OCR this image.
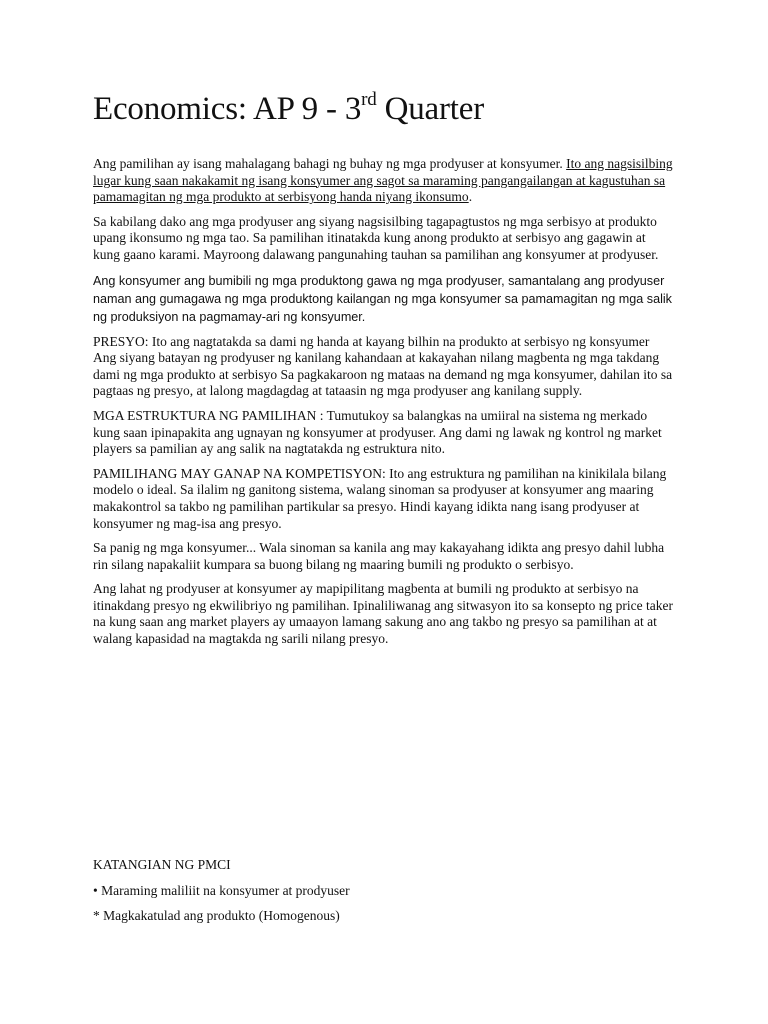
Economics: AP 9 - 3rd Quarter

Ang pamilihan ay isang mahalagang bahagi ng buhay ng mga prodyuser at konsyumer. Ito ang nagsisilbing lugar kung saan nakakamit ng isang konsyumer ang sagot sa maraming pangangailangan at kagustuhan sa pamamagitan ng mga produkto at serbisyong handa niyang ikonsumo.

Sa kabilang dako ang mga prodyuser ang siyang nagsisilbing tagapagtustos ng mga serbisyo at produkto upang ikonsumo ng mga tao. Sa pamilihan itinatakda kung anong produkto at serbisyo ang gagawin at kung gaano karami. Mayroong dalawang pangunahing tauhan sa pamilihan ang konsyumer at prodyuser.

Ang konsyumer ang bumibili ng mga produktong gawa ng mga prodyuser, samantalang ang prodyuser naman ang gumagawa ng mga produktong kailangan ng mga konsyumer sa pamamagitan ng mga salik ng produksiyon na pagmamay-ari ng konsyumer.

PRESYO: Ito ang nagtatakda sa dami ng handa at kayang bilhin na produkto at serbisyo ng konsyumer Ang siyang batayan ng prodyuser ng kanilang kahandaan at kakayahan nilang magbenta ng mga takdang dami ng mga produkto at serbisyo Sa pagkakaroon ng mataas na demand ng mga konsyumer, dahilan ito sa pagtaas ng presyo, at lalong magdagdag at tataasin ng mga prodyuser ang kanilang supply.

MGA ESTRUKTURA NG PAMILIHAN : Tumutukoy sa balangkas na umiiral na sistema ng merkado kung saan ipinapakita ang ugnayan ng konsyumer at prodyuser. Ang dami ng lawak ng kontrol ng market players sa pamilian ay ang salik na nagtatakda ng estruktura nito.

PAMILIHANG MAY GANAP NA KOMPETISYON: Ito ang estruktura ng pamilihan na kinikilala bilang modelo o ideal. Sa ilalim ng ganitong sistema, walang sinoman sa prodyuser at konsyumer ang maaring makakontrol sa takbo ng pamilihan partikular sa presyo. Hindi kayang idikta nang isang prodyuser at konsyumer ng mag-isa ang presyo.

Sa panig ng mga konsyumer... Wala sinoman sa kanila ang may kakayahang idikta ang presyo dahil lubha rin silang napakaliit kumpara sa buong bilang ng maaring bumili ng produkto o serbisyo.

Ang lahat ng prodyuser at konsyumer ay mapipilitang magbenta at bumili ng produkto at serbisyo na itinakdang presyo ng ekwilibriyo ng pamilihan. Ipinaliliwanag ang sitwasyon ito sa konsepto ng price taker na kung saan ang market players ay umaayon lamang sakung ano ang takbo ng presyo sa pamilihan at at walang kapasidad na magtakda ng sarili nilang presyo.

KATANGIAN NG PMCI

• Maraming maliliit na konsyumer at prodyuser

* Magkakatulad ang produkto (Homogenous)
